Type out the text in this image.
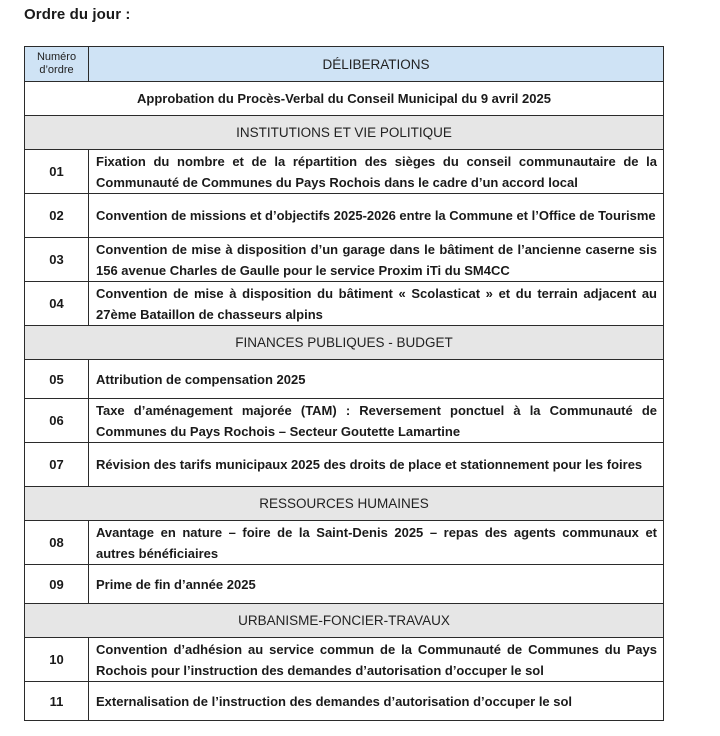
Ordre du jour :
Numéro d’ordre	DÉLIBERATIONS
Approbation du Procès-Verbal du Conseil Municipal du 9 avril 2025	
INSTITUTIONS ET VIE POLITIQUE	
01	Fixation du nombre et de la répartition des sièges du conseil communautaire de la Communauté de Communes du Pays Rochois dans le cadre d’un accord local
02	Convention de missions et d’objectifs 2025-2026 entre la Commune et l’Office de Tourisme
03	Convention de mise à disposition d’un garage dans le bâtiment de l’ancienne caserne sis 156 avenue Charles de Gaulle pour le service Proxim iTi du SM4CC
04	Convention de mise à disposition du bâtiment « Scolasticat » et du terrain adjacent au 27ème Bataillon de chasseurs alpins
FINANCES PUBLIQUES - BUDGET	
05	Attribution de compensation 2025
06	Taxe d’aménagement majorée (TAM) : Reversement ponctuel à la Communauté de Communes du Pays Rochois – Secteur Goutette Lamartine
07	Révision des tarifs municipaux 2025 des droits de place et stationnement pour les foires
RESSOURCES HUMAINES	
08	Avantage en nature – foire de la Saint-Denis 2025 – repas des agents communaux et autres bénéficiaires
09	Prime de fin d’année 2025
URBANISME-FONCIER-TRAVAUX	
10	Convention d’adhésion au service commun de la Communauté de Communes du Pays Rochois pour l’instruction des demandes d’autorisation d’occuper le sol
11	Externalisation de l’instruction des demandes d’autorisation d’occuper le sol
